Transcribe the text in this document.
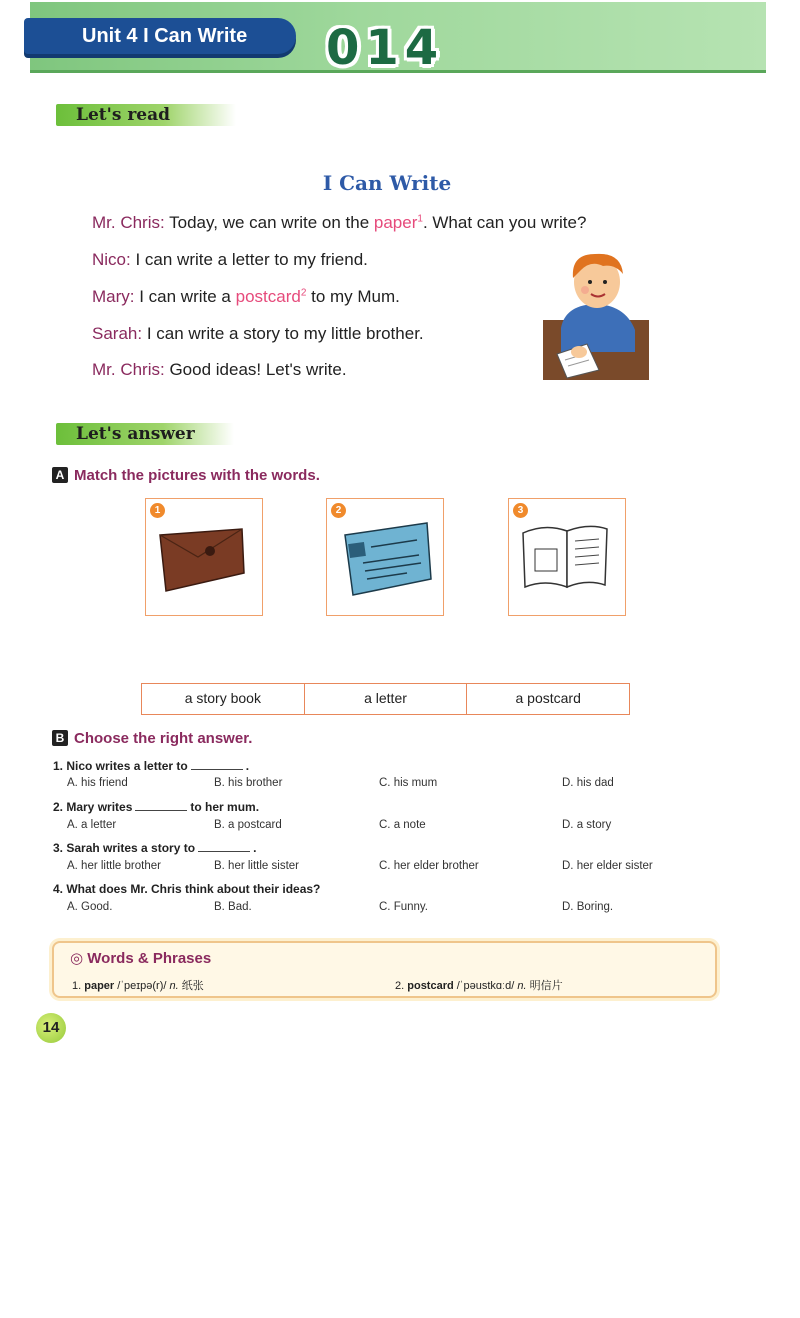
Unit 4 I Can Write	014
Let's read
I Can Write
Mr. Chris: Today, we can write on the paper$^1$. What can you write?
Nico: I can write a letter to my friend.
Mary: I can write a postcard$^2$ to my Mum.
Sarah: I can write a story to my little brother.
Mr. Chris: Good ideas! Let's write.
Let's answer
A Match the pictures with the words.
1	2	3
a story book	a letter	a postcard
B Choose the right answer.
1. Nico writes a letter to	.
A. his friend	B. his brother	C. his mum	D. his dad
2. Mary writes	to her mum.
A. a letter	B. a postcard	C. a note	D. a story
3. Sarah writes a story to	.
A. her little brother	B. her little sister	C. her elder brother	D. her elder sister
4. What does Mr. Chris think about their ideas?
A. Good.	B. Bad.	C. Funny.	D. Boring.
◎ Words & Phrases
1. paper /ˈpeɪpə(r)/ n. 纸张	2. postcard /ˈpəustkɑːd/ n. 明信片
14
